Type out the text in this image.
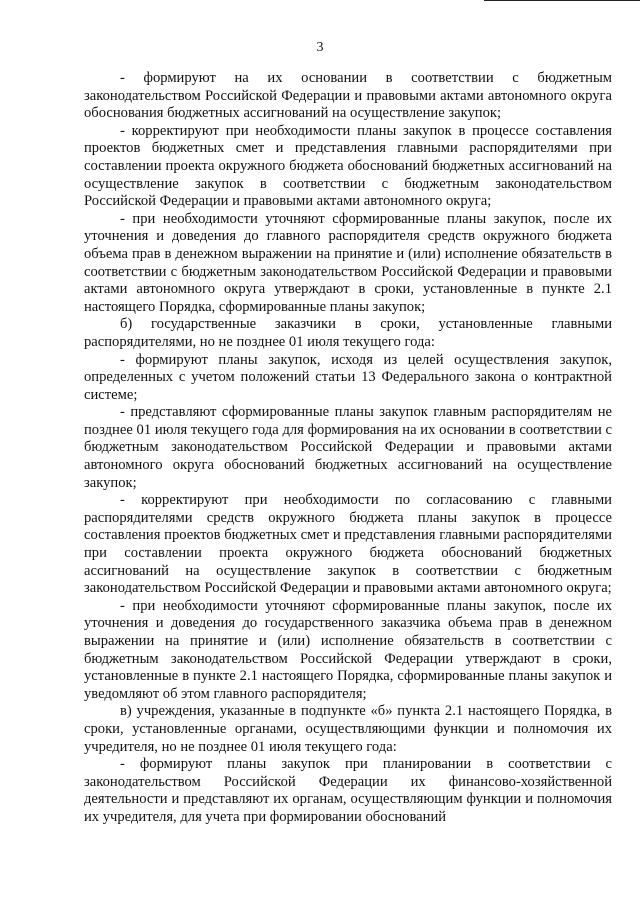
3

- формируют на их основании в соответствии с бюджетным законодательством Российской Федерации и правовыми актами автономного округа обоснования бюджетных ассигнований на осуществление закупок;

- корректируют при необходимости планы закупок в процессе составления проектов бюджетных смет и представления главными распорядителями при составлении проекта окружного бюджета обоснований бюджетных ассигнований на осуществление закупок в соответствии с бюджетным законодательством Российской Федерации и правовыми актами автономного округа;

- при необходимости уточняют сформированные планы закупок, после их уточнения и доведения до главного распорядителя средств окружного бюджета объема прав в денежном выражении на принятие и (или) исполнение обязательств в соответствии с бюджетным законодательством Российской Федерации и правовыми актами автономного округа утверждают в сроки, установленные в пункте 2.1 настоящего Порядка, сформированные планы закупок;

б) государственные заказчики в сроки, установленные главными распорядителями, но не позднее 01 июля текущего года:

- формируют планы закупок, исходя из целей осуществления закупок, определенных с учетом положений статьи 13 Федерального закона о контрактной системе;

- представляют сформированные планы закупок главным распорядителям не позднее 01 июля текущего года для формирования на их основании в соответствии с бюджетным законодательством Российской Федерации и правовыми актами автономного округа обоснований бюджетных ассигнований на осуществление закупок;

- корректируют при необходимости по согласованию с главными распорядителями средств окружного бюджета планы закупок в процессе составления проектов бюджетных смет и представления главными распорядителями при составлении проекта окружного бюджета обоснований бюджетных ассигнований на осуществление закупок в соответствии с бюджетным законодательством Российской Федерации и правовыми актами автономного округа;

- при необходимости уточняют сформированные планы закупок, после их уточнения и доведения до государственного заказчика объема прав в денежном выражении на принятие и (или) исполнение обязательств в соответствии с бюджетным законодательством Российской Федерации утверждают в сроки, установленные в пункте 2.1 настоящего Порядка, сформированные планы закупок и уведомляют об этом главного распорядителя;

в) учреждения, указанные в подпункте «б» пункта 2.1 настоящего Порядка, в сроки, установленные органами, осуществляющими функции и полномочия их учредителя, но не позднее 01 июля текущего года:

- формируют планы закупок при планировании в соответствии с законодательством Российской Федерации их финансово-хозяйственной деятельности и представляют их органам, осуществляющим функции и полномочия их учредителя, для учета при формировании обоснований
